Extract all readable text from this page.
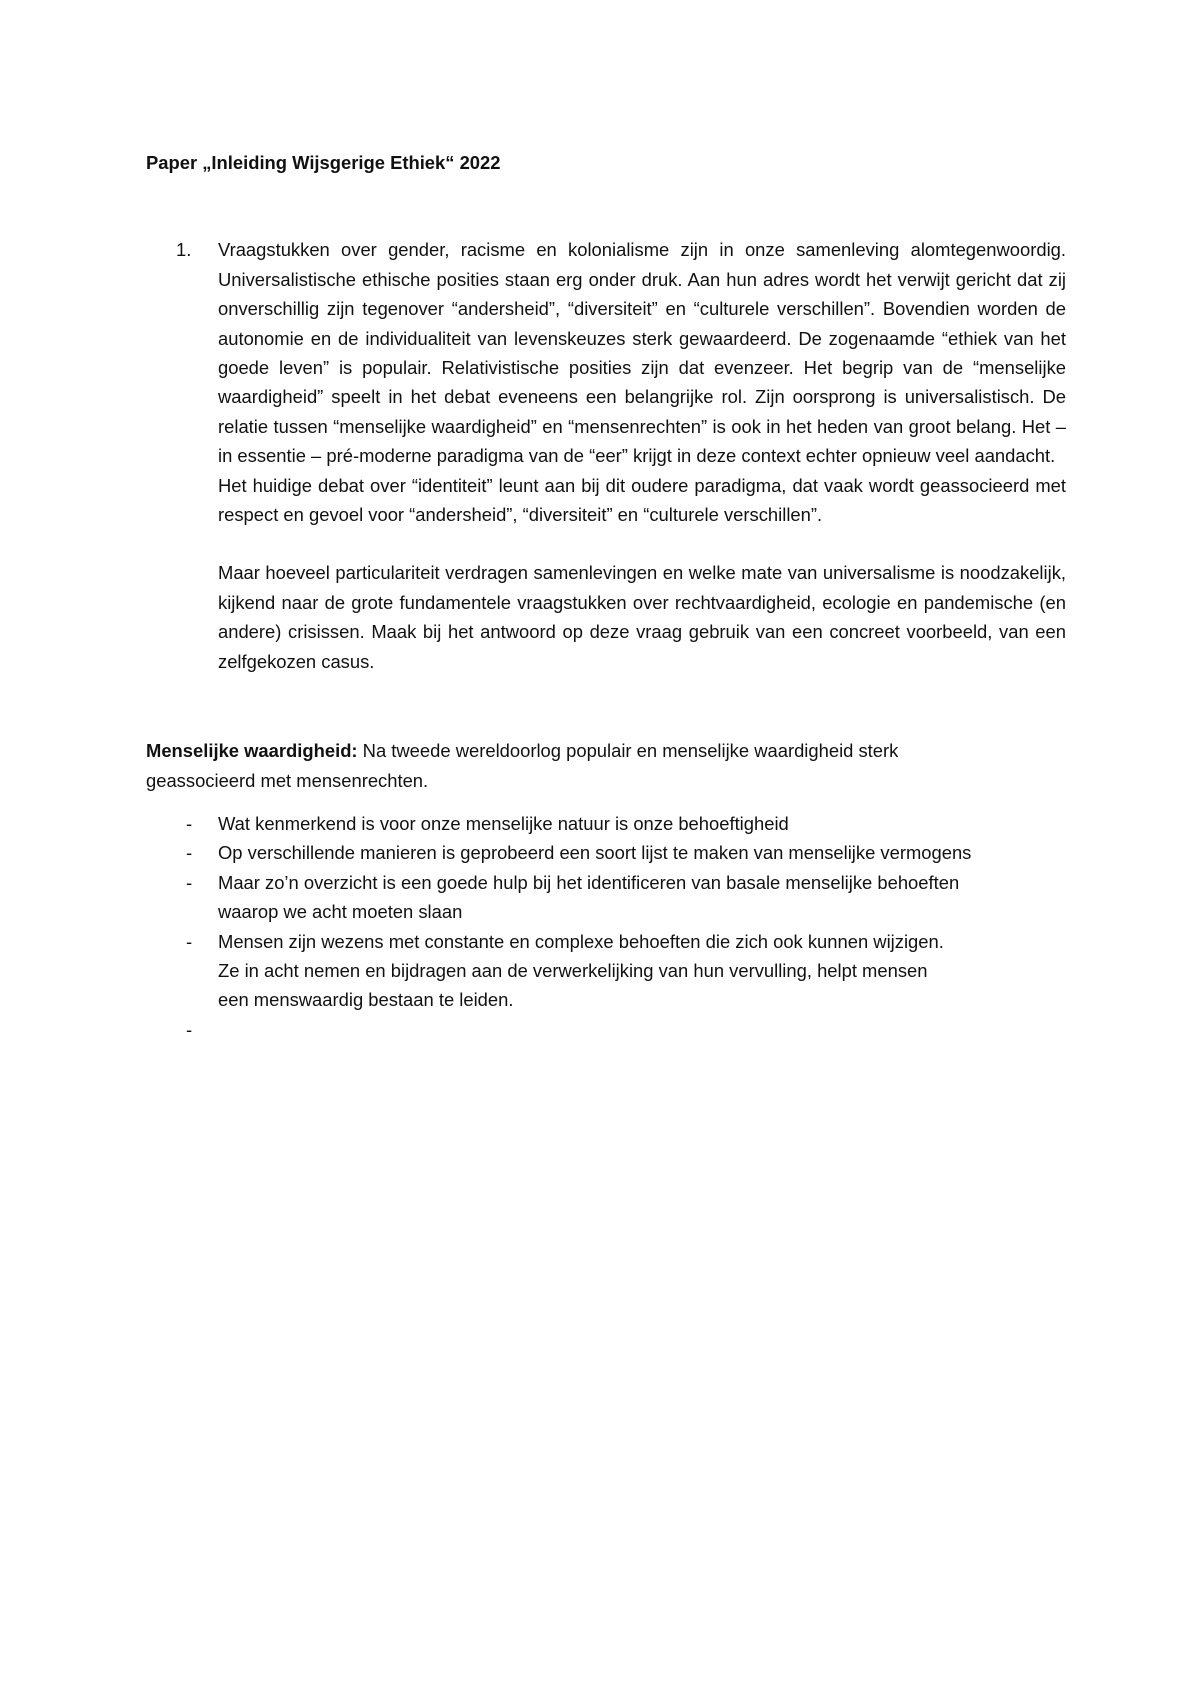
Paper „Inleiding Wijsgerige Ethiek“ 2022
1.	Vraagstukken over gender, racisme en kolonialisme zijn in onze samenleving alomtegenwoordig. Universalistische ethische posities staan erg onder druk. Aan hun adres wordt het verwijt gericht dat zij onverschillig zijn tegenover “andersheid”, “diversiteit” en “culturele verschillen”. Bovendien worden de autonomie en de individualiteit van levenskeuzes sterk gewaardeerd. De zogenaamde “ethiek van het goede leven” is populair. Relativistische posities zijn dat evenzeer. Het begrip van de “menselijke waardigheid” speelt in het debat eveneens een belangrijke rol. Zijn oorsprong is universalistisch. De relatie tussen “menselijke waardigheid” en “mensenrechten” is ook in het heden van groot belang. Het – in essentie – pré-moderne paradigma van de “eer” krijgt in deze context echter opnieuw veel aandacht.

Het huidige debat over “identiteit” leunt aan bij dit oudere paradigma, dat vaak wordt geassocieerd met respect en gevoel voor “andersheid”, “diversiteit” en “culturele verschillen”.

Maar hoeveel particulariteit verdragen samenlevingen en welke mate van universalisme is noodzakelijk, kijkend naar de grote fundamentele vraagstukken over rechtvaardigheid, ecologie en pandemische (en andere) crisissen. Maak bij het antwoord op deze vraag gebruik van een concreet voorbeeld, van een zelfgekozen casus.

Menselijke waardigheid: Na tweede wereldoorlog populair en menselijke waardigheid sterk geassocieerd met mensenrechten.

-	Wat kenmerkend is voor onze menselijke natuur is onze behoeftigheid
-	Op verschillende manieren is geprobeerd een soort lijst te maken van menselijke vermogens
-	Maar zo’n overzicht is een goede hulp bij het identificeren van basale menselijke behoeften
waarop we acht moeten slaan
-	Mensen zijn wezens met constante en complexe behoeften die zich ook kunnen wijzigen.
Ze in acht nemen en bijdragen aan de verwerkelijking van hun vervulling, helpt mensen
een menswaardig bestaan te leiden.
-
